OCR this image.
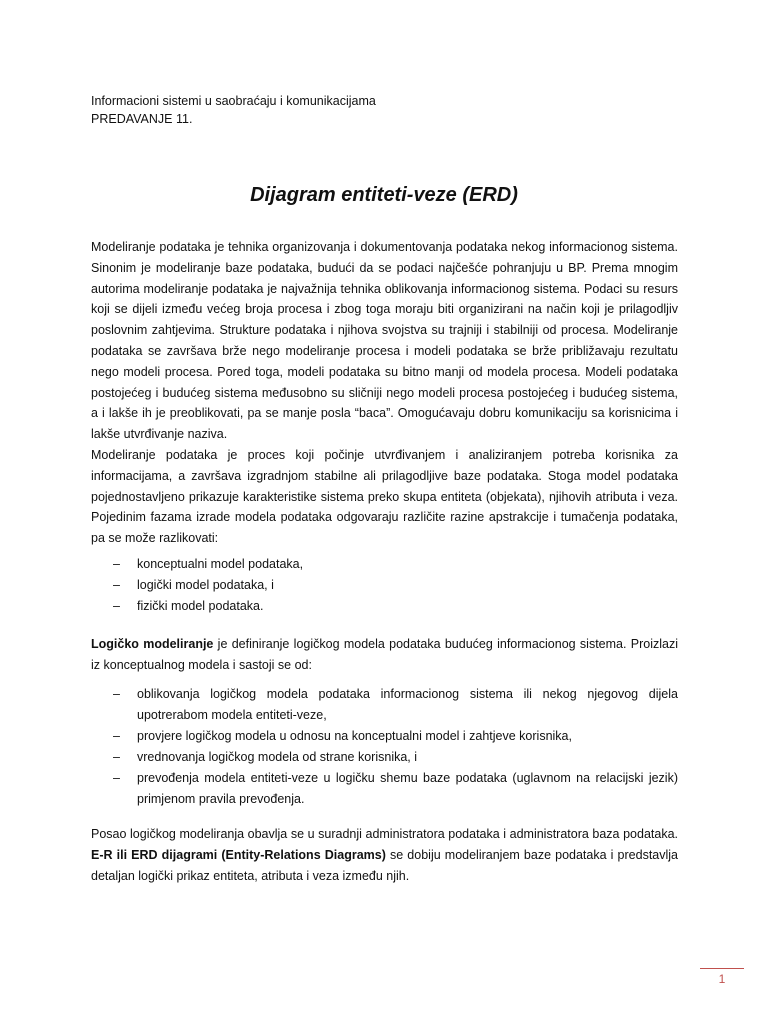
Informacioni sistemi u saobraćaju i komunikacijama
PREDAVANJE 11.
Dijagram entiteti-veze (ERD)

Modeliranje podataka je tehnika organizovanja i dokumentovanja podataka nekog informacionog sistema. Sinonim je modeliranje baze podataka, budući da se podaci najčešće pohranjuju u BP. Prema mnogim autorima modeliranje podataka je najvažnija tehnika oblikovanja informacionog sistema. Podaci su resurs koji se dijeli između većeg broja procesa i zbog toga moraju biti organizirani na način koji je prilagodljiv poslovnim zahtjevima. Strukture podataka i njihova svojstva su trajniji i stabilniji od procesa. Modeliranje podataka se završava brže nego modeliranje procesa i modeli podataka se brže približavaju rezultatu nego modeli procesa. Pored toga, modeli podataka su bitno manji od modela procesa. Modeli podataka postojećeg i budućeg sistema međusobno su sličniji nego modeli procesa postojećeg i budućeg sistema, a i lakše ih je preoblikovati, pa se manje posla “baca”. Omogućavaju dobru komunikaciju sa korisnicima i lakše utvrđivanje naziva.

Modeliranje podataka je proces koji počinje utvrđivanjem i analiziranjem potreba korisnika za informacijama, a završava izgradnjom stabilne ali prilagodljive baze podataka. Stoga model podataka pojednostavljeno prikazuje karakteristike sistema preko skupa entiteta (objekata), njihovih atributa i veza. Pojedinim fazama izrade modela podataka odgovaraju različite razine apstrakcije i tumačenja podataka, pa se može razlikovati:

–	konceptualni model podataka,
–	logički model podataka, i
–	fizički model podataka.

Logičko modeliranje je definiranje logičkog modela podataka budućeg informacionog sistema. Proizlazi iz konceptualnog modela i sastoji se od:

–	oblikovanja logičkog modela podataka informacionog sistema ili nekog njegovog dijela upotrerabom modela entiteti-veze,
–	provjere logičkog modela u odnosu na konceptualni model i zahtjeve korisnika,
–	vrednovanja logičkog modela od strane korisnika, i
–	prevođenja modela entiteti-veze u logičku shemu baze podataka (uglavnom na relacijski jezik) primjenom pravila prevođenja.

Posao logičkog modeliranja obavlja se u suradnji administratora podataka i administratora baza podataka. E-R ili ERD dijagrami (Entity-Relations Diagrams) se dobiju modeliranjem baze podataka i predstavlja detaljan logički prikaz entiteta, atributa i veza između njih.

1
